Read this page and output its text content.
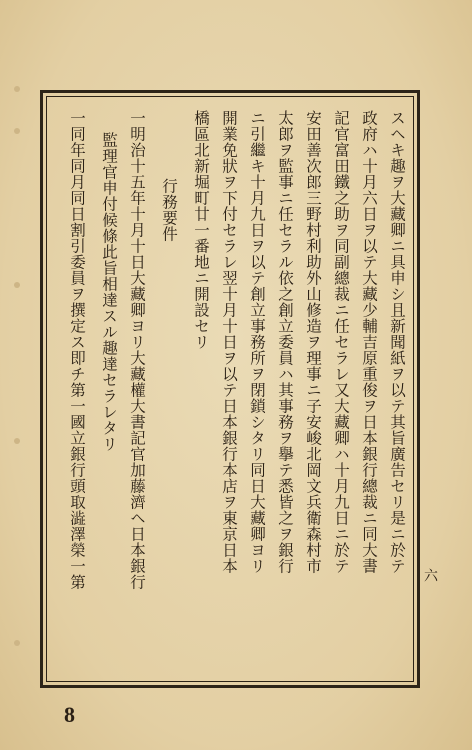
六
スヘキ趣ヲ大藏卿ニ具申シ且新聞紙ヲ以テ其旨廣告セリ是ニ於テ
政府ハ十月六日ヲ以テ大藏少輔吉原重俊ヲ日本銀行總裁ニ同大書
記官富田鐵之助ヲ同副總裁ニ任セラレ又大藏卿ハ十月九日ニ於テ
安田善次郎三野村利助外山修造ヲ理事ニ子安峻北岡文兵衛森村市
太郎ヲ監事ニ任セラル依之創立委員ハ其事務ヲ擧テ悉皆之ヲ銀行
ニ引繼キ十月九日ヲ以テ創立事務所ヲ閉鎖シタリ同日大藏卿ヨリ
開業免狀ヲ下付セラレ翌十月十日ヲ以テ日本銀行本店ヲ東京日本
橋區北新堀町廿一番地ニ開設セリ
行務要件
一明治十五年十月十日大藏卿ヨリ大藏權大書記官加藤濟ヘ日本銀行
監理官申付候條此旨相達スル趣達セラレタリ
一同年同月同日割引委員ヲ撰定ス即チ第一國立銀行頭取澁澤榮一第
8
